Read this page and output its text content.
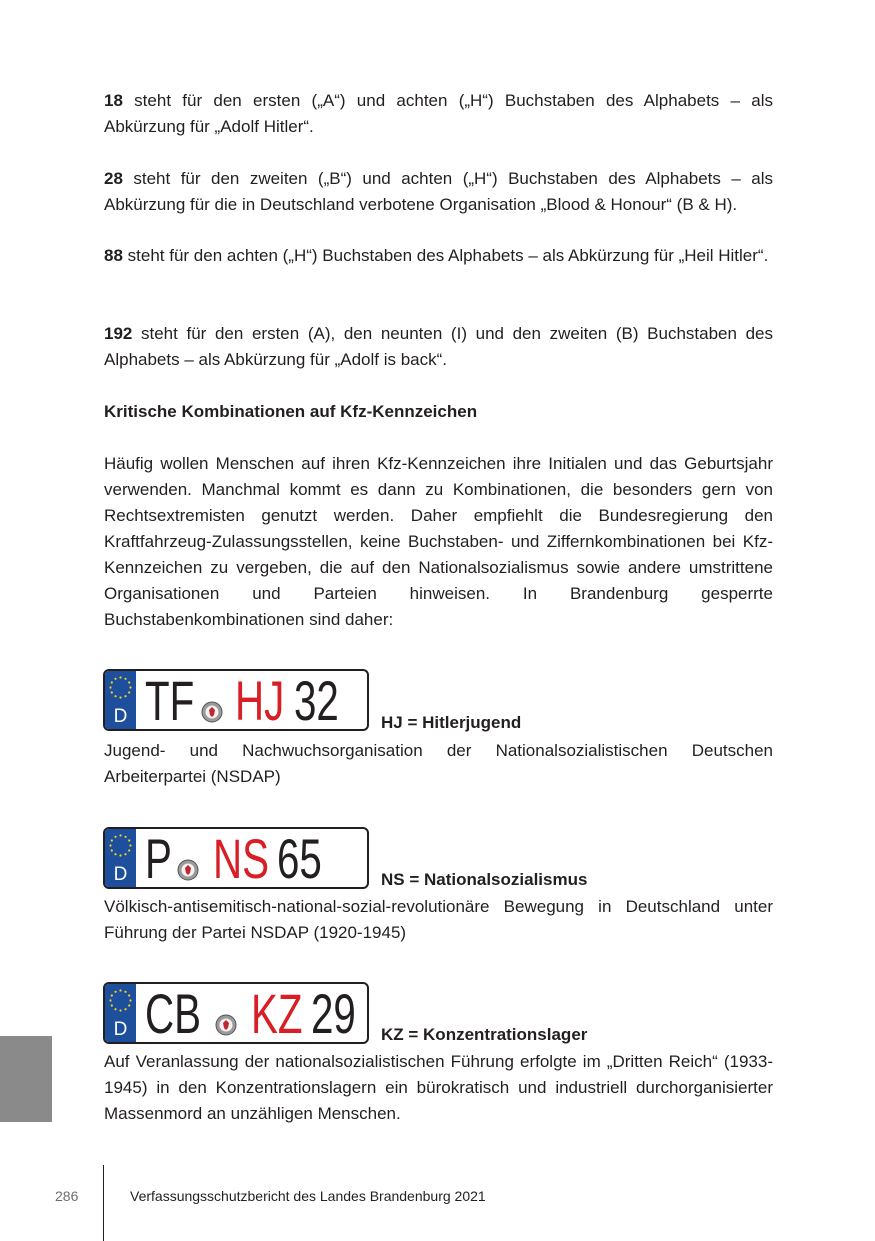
18 steht für den ersten („A“) und achten („H“) Buchstaben des Alphabets – als Abkürzung für „Adolf Hitler“.

28 steht für den zweiten („B“) und achten („H“) Buchstaben des Alphabets – als Abkürzung für die in Deutschland verbotene Organisation „Blood & Honour“ (B & H).

88 steht für den achten („H“) Buchstaben des Alphabets – als Abkürzung für „Heil Hitler“.

192 steht für den ersten (A), den neunten (I) und den zweiten (B) Buchstaben des Alphabets – als Abkürzung für „Adolf is back“.

Kritische Kombinationen auf Kfz-Kennzeichen

Häufig wollen Menschen auf ihren Kfz-Kennzeichen ihre Initialen und das Geburtsjahr verwenden. Manchmal kommt es dann zu Kombinationen, die besonders gern von Rechtsextremisten genutzt werden. Daher empfiehlt die Bundesregierung den Kraftfahrzeug-Zulassungsstellen, keine Buchstaben- und Ziffernkombinationen bei Kfz-Kennzeichen zu vergeben, die auf den Nationalsozialismus sowie andere umstrittene Organisationen und Parteien hinweisen. In Brandenburg gesperrte Buchstabenkombinationen sind daher:

D TF HJ 32 HJ = Hitlerjugend

Jugend- und Nachwuchsorganisation der Nationalsozialistischen Deutschen Arbeiterpartei (NSDAP)

D P NS 65	NS = Nationalsozialismus

Völkisch-antisemitisch-national-sozial-revolutionäre Bewegung in Deutschland unter Führung der Partei NSDAP (1920-1945)

D CB KZ 29 KZ = Konzentrationslager

Auf Veranlassung der nationalsozialistischen Führung erfolgte im „Dritten Reich“ (1933-1945) in den Konzentrationslagern ein bürokratisch und industriell durchorganisierter Massenmord an unzähligen Menschen.

286	Verfassungsschutzbericht des Landes Brandenburg 2021
